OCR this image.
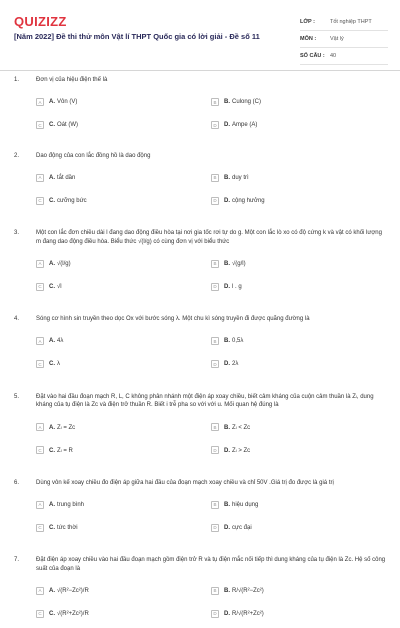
QUIZIZZ
[Năm 2022] Đề thi thử môn Vật lí THPT Quốc gia có lời giải - Đề số 11
LỚP :	Tốt nghiệp THPT
MÔN :	Vật lý
SỐ CÂU : 40
1.	Đơn vị của hiệu điện thế là
A	A. Vôn (V)	B	B. Culong (C)
C	C. Oát (W)	D	D. Ampe (A)
2.	Dao động của con lắc đồng hồ là dao động
A	A. tắt dần	B	B. duy trì
C	C. cưỡng bức	D	D. cộng hưởng
3.	Một con lắc đơn chiều dài l đang dao động điều hòa tại nơi gia tốc rơi tự do g. Một con lắc lò xo có độ cứng k và vật có khối lượng m đang dao động điều hòa. Biểu thức √(l/g) có cùng đơn vị với biểu thức
A	A. √(l/g)	B	B. √(g/l)
C	C. √l	D	D. l . g
4.	Sóng cơ hình sin truyền theo dọc Ox với bước sóng λ. Một chu kì sóng truyền đi được quãng đường là
A	A. 4λ	B	B. 0,5λ
C	C. λ	D	D. 2λ
5.	Đặt vào hai đầu đoạn mạch R, L, C không phân nhánh một điện áp xoay chiều, biết cảm kháng của cuộn cảm thuần là Zₗ, dung kháng của tụ điện là Zᴄ và điện trở thuần R. Biết i trễ pha so với với u. Mối quan hệ đúng là
A	A. Zₗ = Zᴄ	B	B. Zₗ < Zᴄ
C	C. Zₗ = R	D	D. Zₗ > Zᴄ
6.	Dùng vôn kế xoay chiều đo điện áp giữa hai đầu của đoạn mạch xoay chiều và chỉ 50V .Giá trị đo được là giá trị
A	A. trung bình	B	B. hiệu dụng
C	C. tức thời	D	D. cực đại
7.	Đặt điện áp xoay chiều vào hai đầu đoạn mạch gồm điện trở R và tụ điện mắc nối tiếp thì dung kháng của tụ điện là Zᴄ. Hệ số công suất của đoạn là
A	A. √(R²−Zᴄ²)/R	B	B. R/√(R²−Zᴄ²)
C	C. √(R²+Zᴄ²)/R	D	D. R/√(R²+Zᴄ²)
